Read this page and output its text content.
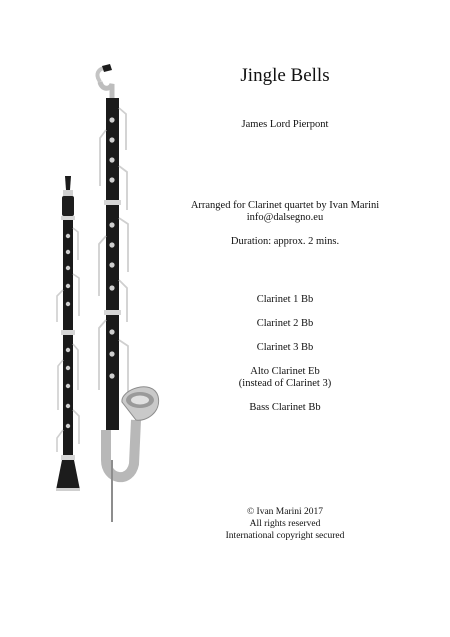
Jingle Bells
James Lord Pierpont
Arranged for Clarinet quartet by Ivan Marini
info@dalsegno.eu
Duration: approx. 2 mins.
Clarinet 1 Bb
Clarinet 2 Bb
Clarinet 3 Bb
Alto Clarinet Eb
(instead of Clarinet 3)
Bass Clarinet Bb
© Ivan Marini 2017
All rights reserved
International copyright secured
